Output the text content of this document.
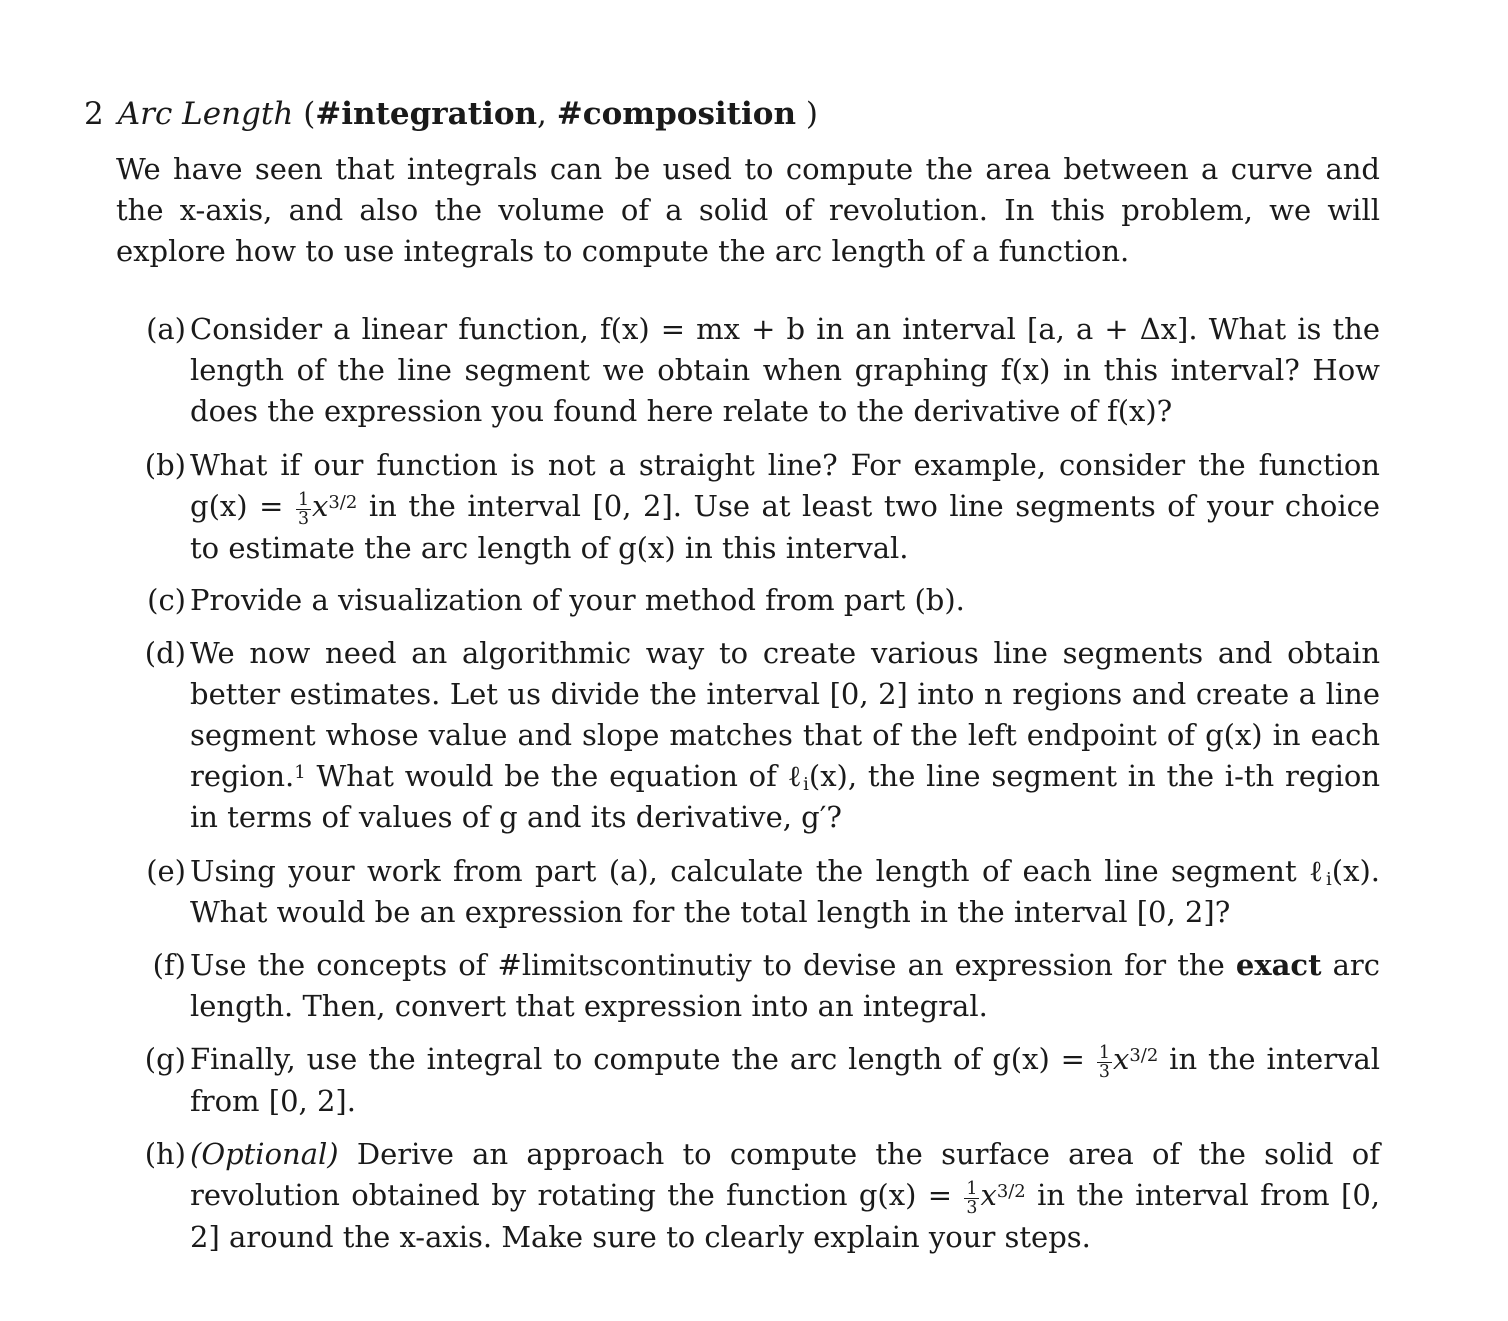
2 Arc Length (#integration, #composition )
We have seen that integrals can be used to compute the area between a curve and the x-axis, and also the volume of a solid of revolution. In this problem, we will explore how to use integrals to compute the arc length of a function.
(a) Consider a linear function, f(x) = mx + b in an interval [a, a + Δx]. What is the length of the line segment we obtain when graphing f(x) in this interval? How does the expression you found here relate to the derivative of f(x)?
(b) What if our function is not a straight line? For example, consider the function $g(x) = \frac{1}{3} x^{3/2}$ in the interval [0, 2]. Use at least two line segments of your choice to estimate the arc length of g(x) in this interval.
(c) Provide a visualization of your method from part (b).
(d) We now need an algorithmic way to create various line segments and obtain better estimates. Let us divide the interval [0, 2] into n regions and create a line segment whose value and slope matches that of the left endpoint of g(x) in each region.$^1$ What would be the equation of ℓ$_i$(x), the line segment in the i-th region in terms of values of g and its derivative, g′?
(e) Using your work from part (a), calculate the length of each line segment ℓ$_i$(x). What would be an expression for the total length in the interval [0, 2]?
(f) Use the concepts of #limitscontinutiy to devise an expression for the exact arc length. Then, convert that expression into an integral.
(g) Finally, use the integral to compute the arc length of $g(x) = \frac{1}{3} x^{3/2}$ in the interval from [0, 2].
(h) (Optional) Derive an approach to compute the surface area of the solid of revolution obtained by rotating the function $g(x) = \frac{1}{3} x^{3/2}$ in the interval from [0, 2] around the x-axis. Make sure to clearly explain your steps.
